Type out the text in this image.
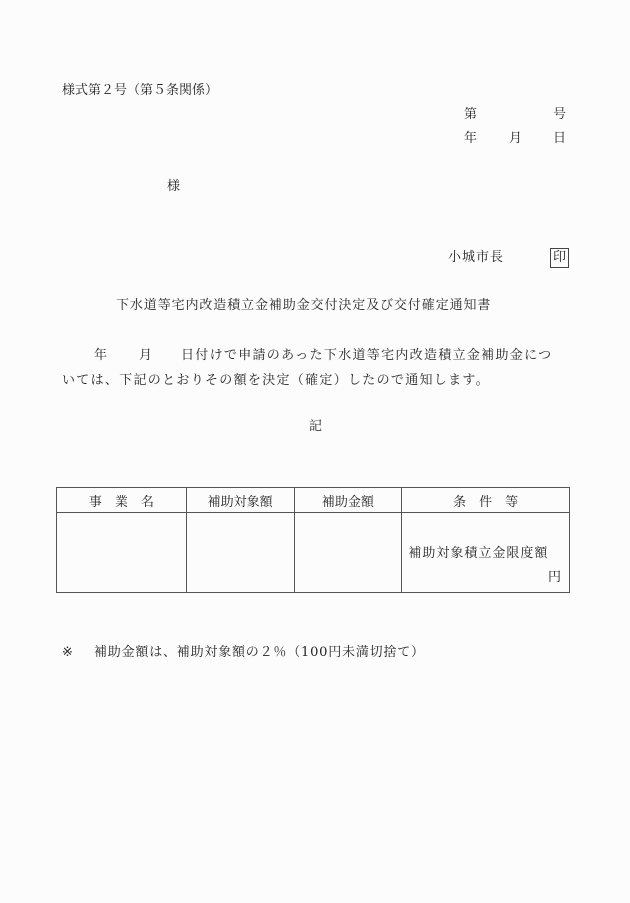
様式第２号（第５条関係）
第	号
年 月 日
様
小城市長	印
下水道等宅内改造積立金補助金交付決定及び交付確定通知書
年 月 日付けで申請のあった下水道等宅内改造積立金補助金につ
いては、下記のとおりその額を決定（確定）したので通知します。
記
事　業　名	補助対象額	補助金額	条　件　等

			補助対象積立金限度額
円
※ 補助金額は、補助対象額の２％（100円未満切捨て）
